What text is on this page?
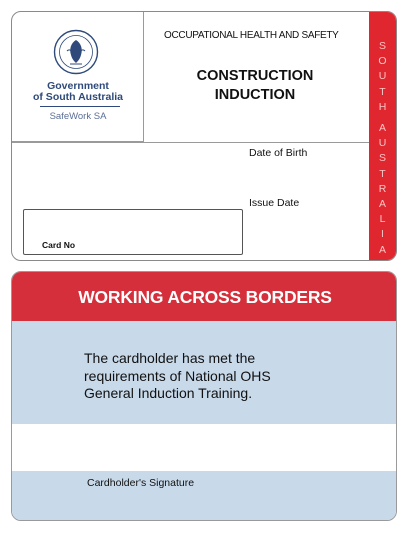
Government
of South Australia
SafeWork SA
OCCUPATIONAL HEALTH AND SAFETY
CONSTRUCTION
INDUCTION
Date of Birth
Issue Date
Card No
S
O
U
T
H
A
U
S
T
R
A
L
I
A
WORKING ACROSS BORDERS
The cardholder has met the
requirements of National OHS
General Induction Training.
Cardholder's Signature
